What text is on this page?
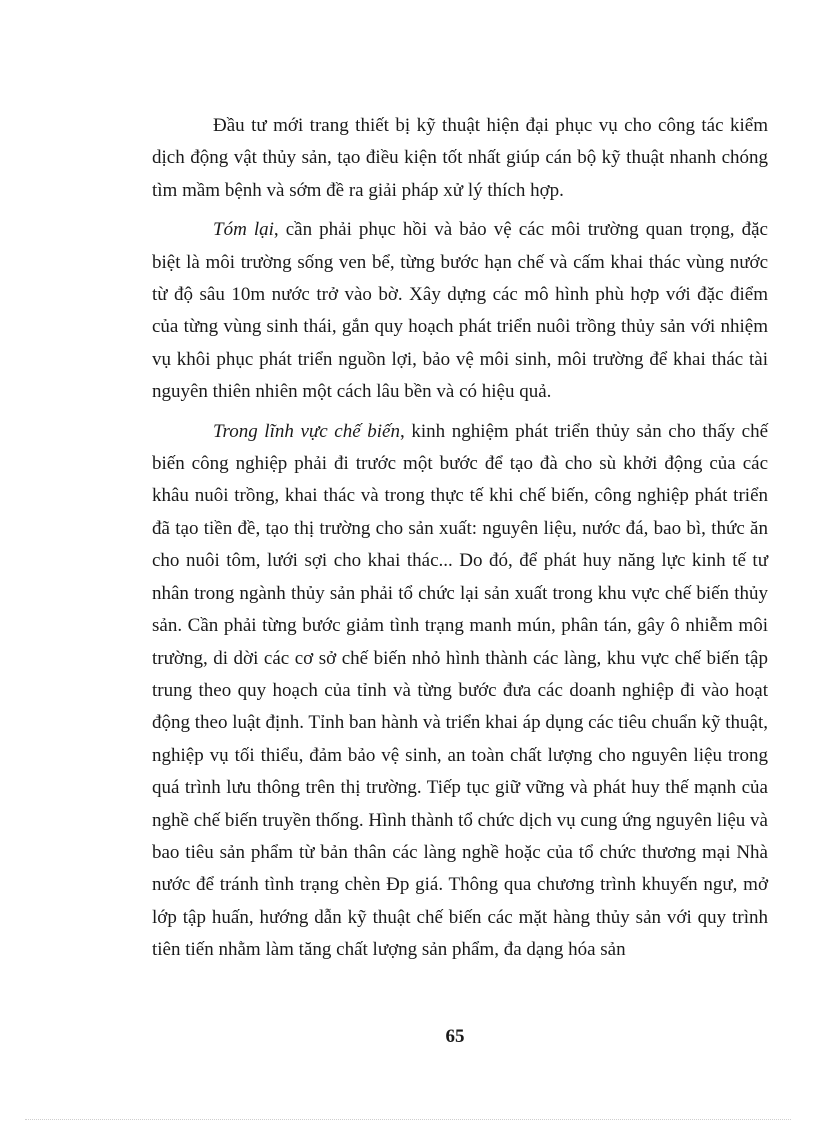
Đầu tư mới trang thiết bị kỹ thuật hiện đại phục vụ cho công tác kiểm dịch động vật thủy sản, tạo điều kiện tốt nhất giúp cán bộ kỹ thuật nhanh chóng tìm mầm bệnh và sớm đề ra giải pháp xử lý thích hợp.

Tóm lại, cần phải phục hồi và bảo vệ các môi trường quan trọng, đặc biệt là môi trường sống ven bể, từng bước hạn chế và cấm khai thác vùng nước từ độ sâu 10m nước trở vào bờ. Xây dựng các mô hình phù hợp với đặc điểm của từng vùng sinh thái, gắn quy hoạch phát triển nuôi trồng thủy sản với nhiệm vụ khôi phục phát triển nguồn lợi, bảo vệ môi sinh, môi trường để khai thác tài nguyên thiên nhiên một cách lâu bền và có hiệu quả.

Trong lĩnh vực chế biến, kinh nghiệm phát triển thủy sản cho thấy chế biến công nghiệp phải đi trước một bước để tạo đà cho sù khởi động của các khâu nuôi trồng, khai thác và trong thực tế khi chế biến, công nghiệp phát triển đã tạo tiền đề, tạo thị trường cho sản xuất: nguyên liệu, nước đá, bao bì, thức ăn cho nuôi tôm, lưới sợi cho khai thác... Do đó, để phát huy năng lực kinh tế tư nhân trong ngành thủy sản phải tổ chức lại sản xuất trong khu vực chế biến thủy sản. Cần phải từng bước giảm tình trạng manh mún, phân tán, gây ô nhiễm môi trường, di dời các cơ sở chế biến nhỏ hình thành các làng, khu vực chế biến tập trung theo quy hoạch của tỉnh và từng bước đưa các doanh nghiệp đi vào hoạt động theo luật định. Tỉnh ban hành và triển khai áp dụng các tiêu chuẩn kỹ thuật, nghiệp vụ tối thiểu, đảm bảo vệ sinh, an toàn chất lượng cho nguyên liệu trong quá trình lưu thông trên thị trường. Tiếp tục giữ vững và phát huy thế mạnh của nghề chế biến truyền thống. Hình thành tổ chức dịch vụ cung ứng nguyên liệu và bao tiêu sản phẩm từ bản thân các làng nghề hoặc của tổ chức thương mại Nhà nước để tránh tình trạng chèn Đp giá. Thông qua chương trình khuyến ngư, mở lớp tập huấn, hướng dẫn kỹ thuật chế biến các mặt hàng thủy sản với quy trình tiên tiến nhằm làm tăng chất lượng sản phẩm, đa dạng hóa sản

65
